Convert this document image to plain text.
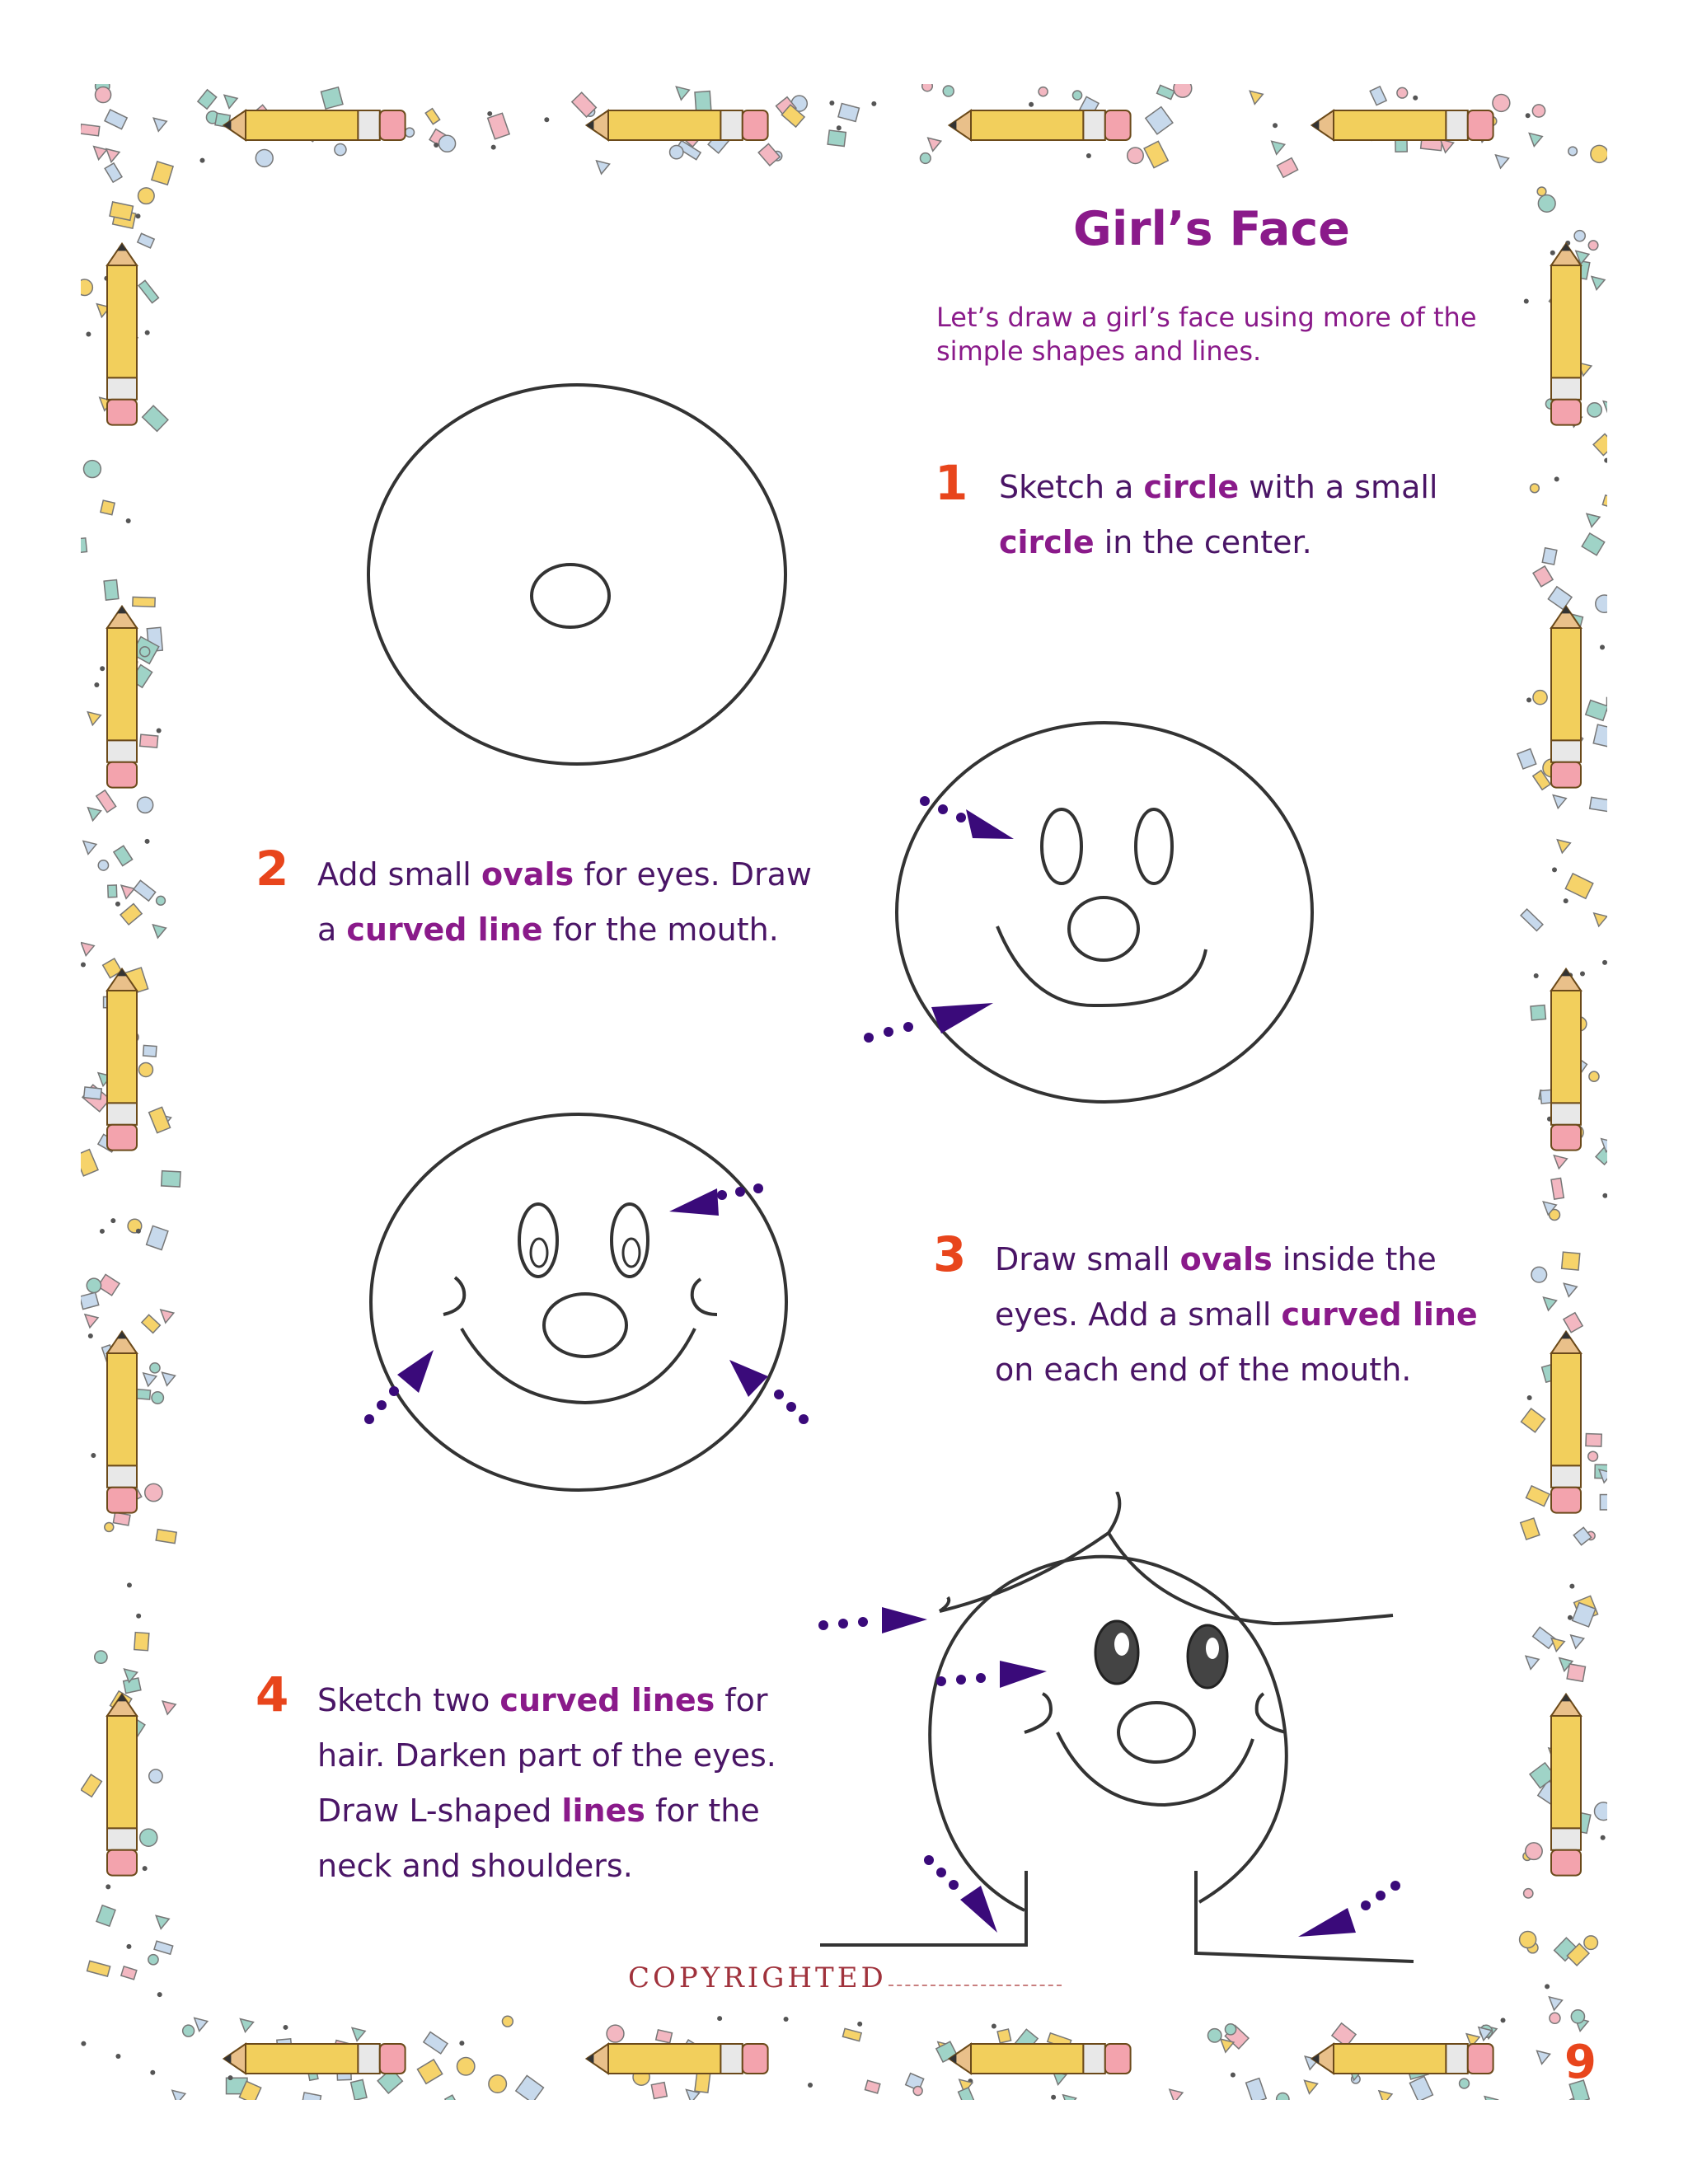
Girl’s Face
Let’s draw a girl’s face using more of the simple shapes and lines.
1 Sketch a circle with a small
circle in the center.
2 Add small ovals for eyes. Draw
a curved line for the mouth.
3 Draw small ovals inside the
eyes. Add a small curved line
on each end of the mouth.
4 Sketch two curved lines for
hair. Darken part of the eyes.
Draw L-shaped lines for the
neck and shoulders.
COPYRIGHTED
9
